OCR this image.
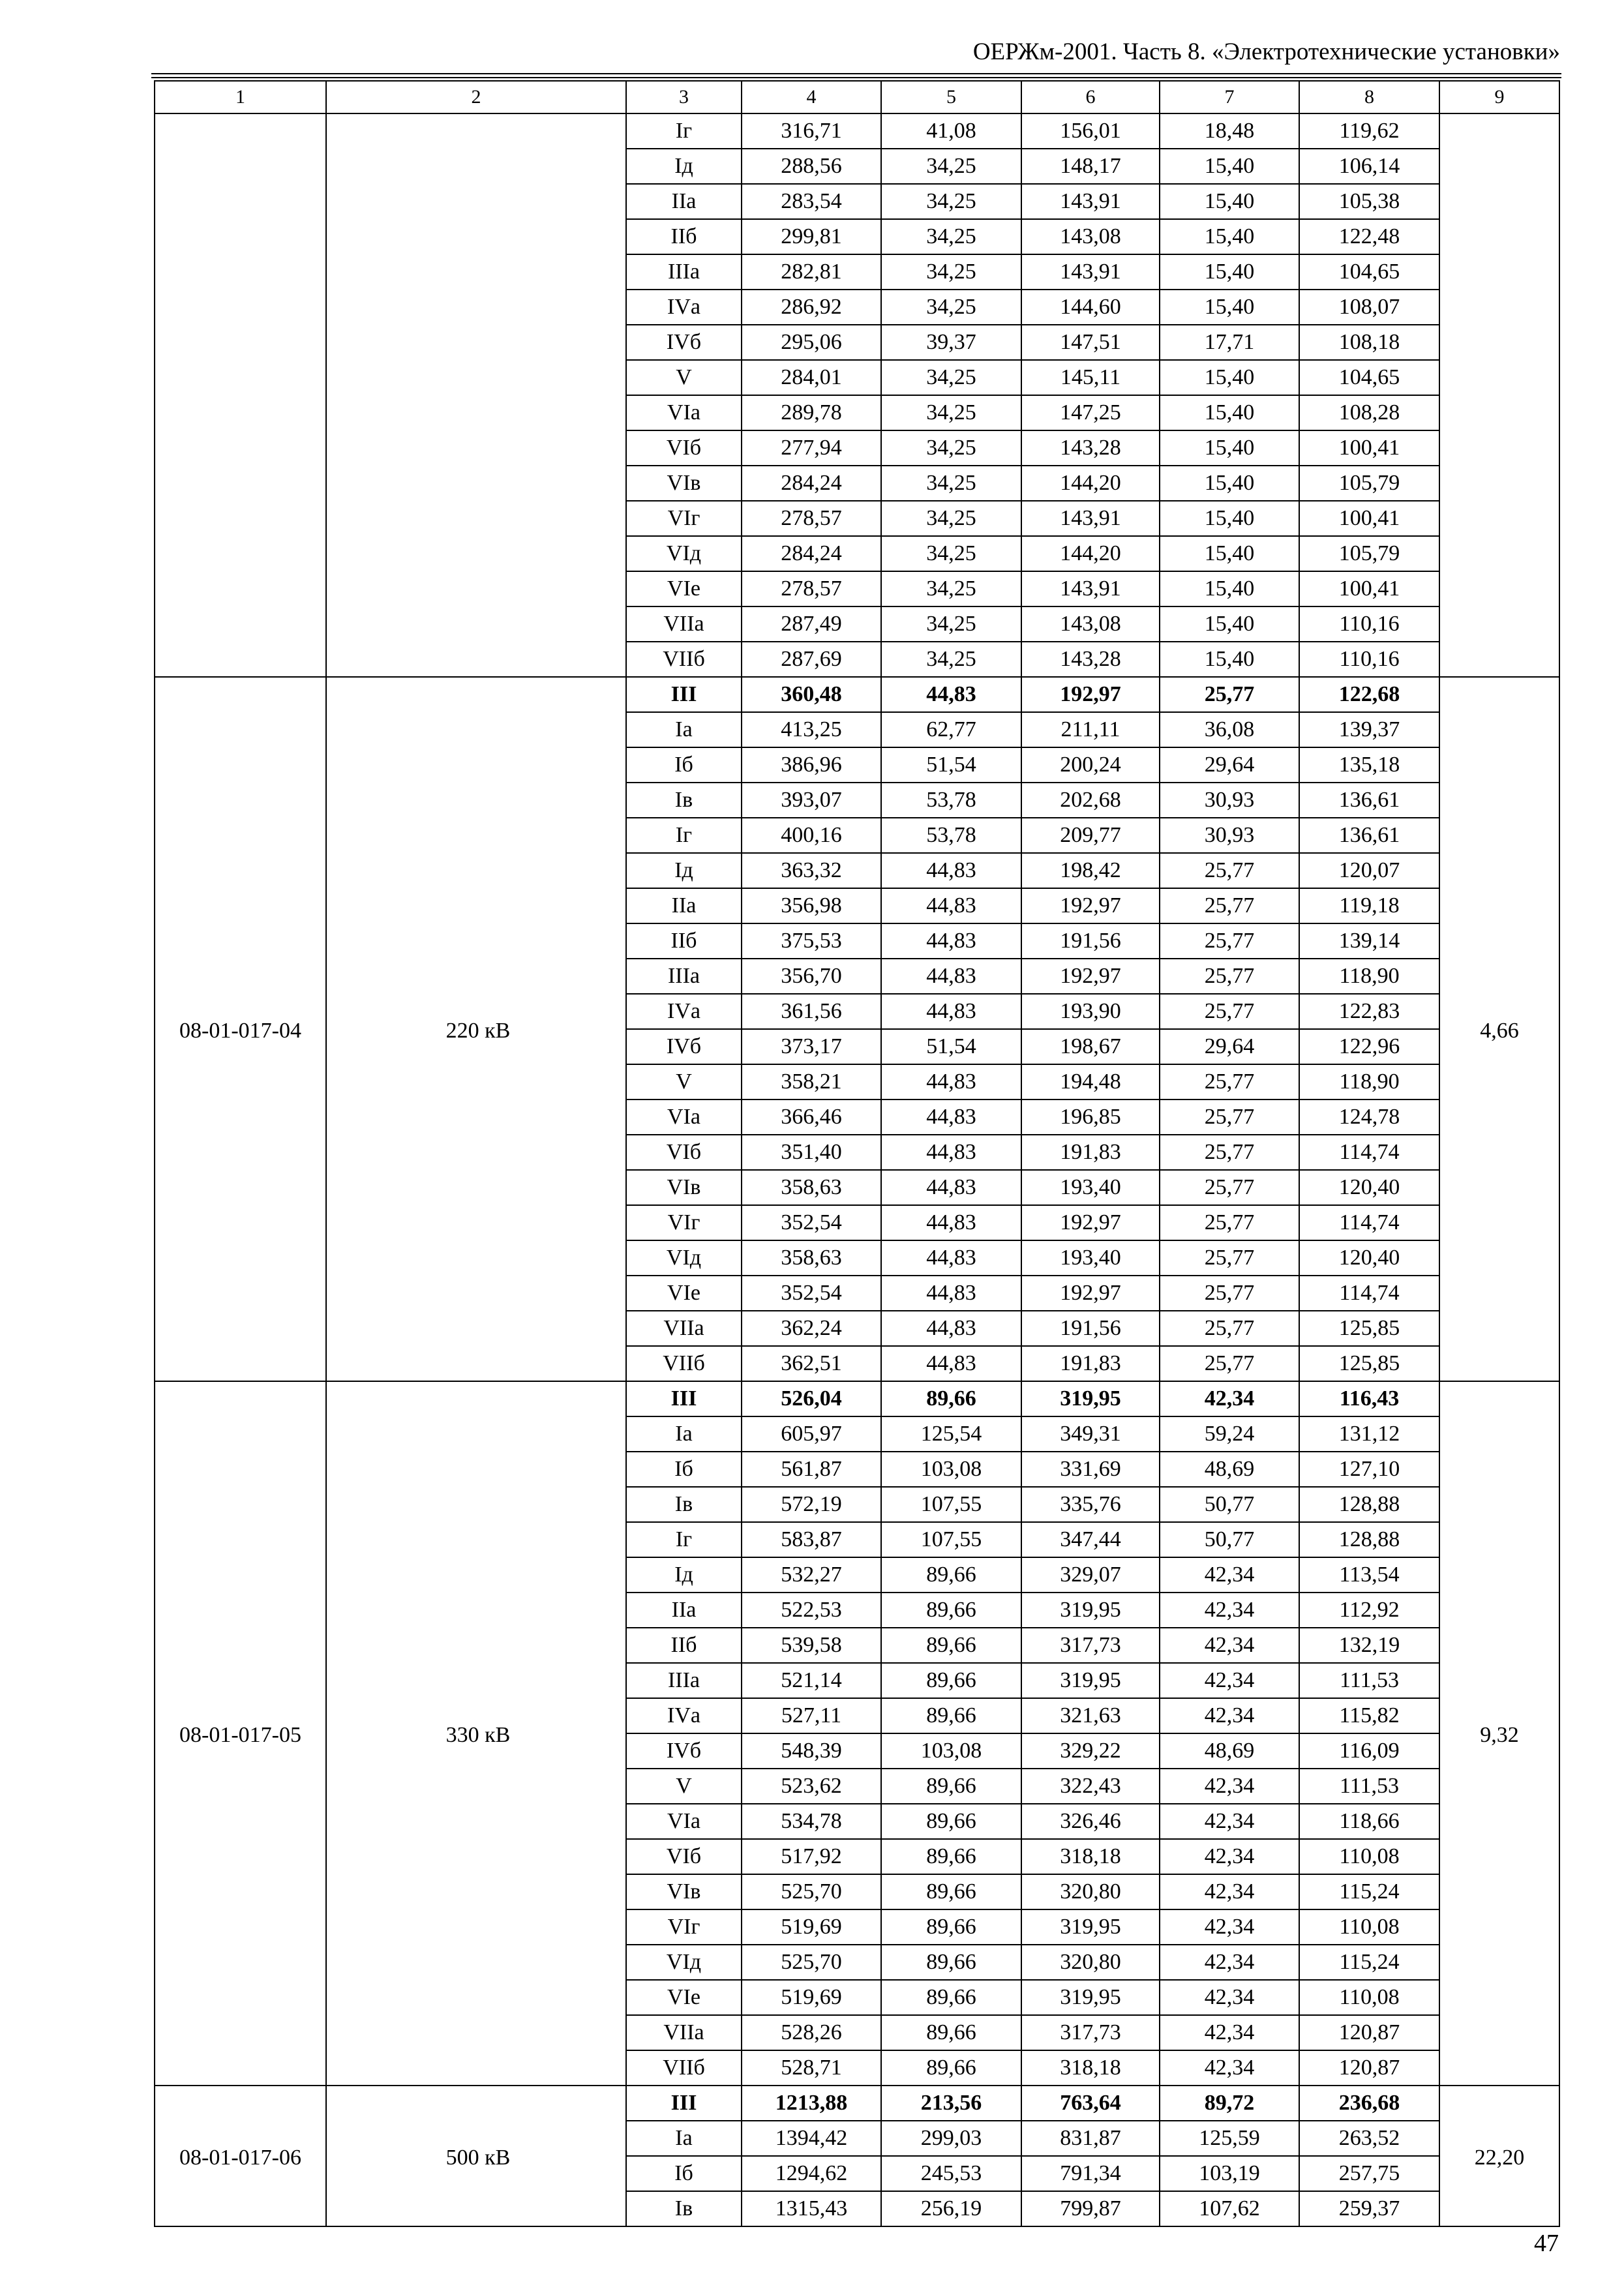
ОЕРЖм-2001. Часть 8. «Электротехнические установки»
1	2	3	4	5	6	7	8	9
		Iг	316,71	41,08	156,01	18,48	119,62	
		Iд	288,56	34,25	148,17	15,40	106,14	
		IIа	283,54	34,25	143,91	15,40	105,38	
		IIб	299,81	34,25	143,08	15,40	122,48	
		IIIа	282,81	34,25	143,91	15,40	104,65	
		IVа	286,92	34,25	144,60	15,40	108,07	
		IVб	295,06	39,37	147,51	17,71	108,18	
		V	284,01	34,25	145,11	15,40	104,65	
		VIа	289,78	34,25	147,25	15,40	108,28	
		VIб	277,94	34,25	143,28	15,40	100,41	
		VIв	284,24	34,25	144,20	15,40	105,79	
		VIг	278,57	34,25	143,91	15,40	100,41	
		VIд	284,24	34,25	144,20	15,40	105,79	
		VIе	278,57	34,25	143,91	15,40	100,41	
		VIIа	287,49	34,25	143,08	15,40	110,16	
		VIIб	287,69	34,25	143,28	15,40	110,16	
08-01-017-04	220 кВ	III	360,48	44,83	192,97	25,77	122,68	4,66
		Iа	413,25	62,77	211,11	36,08	139,37	
		Iб	386,96	51,54	200,24	29,64	135,18	
		Iв	393,07	53,78	202,68	30,93	136,61	
		Iг	400,16	53,78	209,77	30,93	136,61	
		Iд	363,32	44,83	198,42	25,77	120,07	
		IIа	356,98	44,83	192,97	25,77	119,18	
		IIб	375,53	44,83	191,56	25,77	139,14	
		IIIа	356,70	44,83	192,97	25,77	118,90	
		IVа	361,56	44,83	193,90	25,77	122,83	
		IVб	373,17	51,54	198,67	29,64	122,96	
		V	358,21	44,83	194,48	25,77	118,90	
		VIа	366,46	44,83	196,85	25,77	124,78	
		VIб	351,40	44,83	191,83	25,77	114,74	
		VIв	358,63	44,83	193,40	25,77	120,40	
		VIг	352,54	44,83	192,97	25,77	114,74	
		VIд	358,63	44,83	193,40	25,77	120,40	
		VIе	352,54	44,83	192,97	25,77	114,74	
		VIIа	362,24	44,83	191,56	25,77	125,85	
		VIIб	362,51	44,83	191,83	25,77	125,85	
08-01-017-05	330 кВ	III	526,04	89,66	319,95	42,34	116,43	9,32
		Iа	605,97	125,54	349,31	59,24	131,12	
		Iб	561,87	103,08	331,69	48,69	127,10	
		Iв	572,19	107,55	335,76	50,77	128,88	
		Iг	583,87	107,55	347,44	50,77	128,88	
		Iд	532,27	89,66	329,07	42,34	113,54	
		IIа	522,53	89,66	319,95	42,34	112,92	
		IIб	539,58	89,66	317,73	42,34	132,19	
		IIIа	521,14	89,66	319,95	42,34	111,53	
		IVа	527,11	89,66	321,63	42,34	115,82	
		IVб	548,39	103,08	329,22	48,69	116,09	
		V	523,62	89,66	322,43	42,34	111,53	
		VIа	534,78	89,66	326,46	42,34	118,66	
		VIб	517,92	89,66	318,18	42,34	110,08	
		VIв	525,70	89,66	320,80	42,34	115,24	
		VIг	519,69	89,66	319,95	42,34	110,08	
		VIд	525,70	89,66	320,80	42,34	115,24	
		VIе	519,69	89,66	319,95	42,34	110,08	
		VIIа	528,26	89,66	317,73	42,34	120,87	
		VIIб	528,71	89,66	318,18	42,34	120,87	
08-01-017-06	500 кВ	III	1213,88	213,56	763,64	89,72	236,68	22,20
		Iа	1394,42	299,03	831,87	125,59	263,52	
		Iб	1294,62	245,53	791,34	103,19	257,75	
		Iв	1315,43	256,19	799,87	107,62	259,37	
47
